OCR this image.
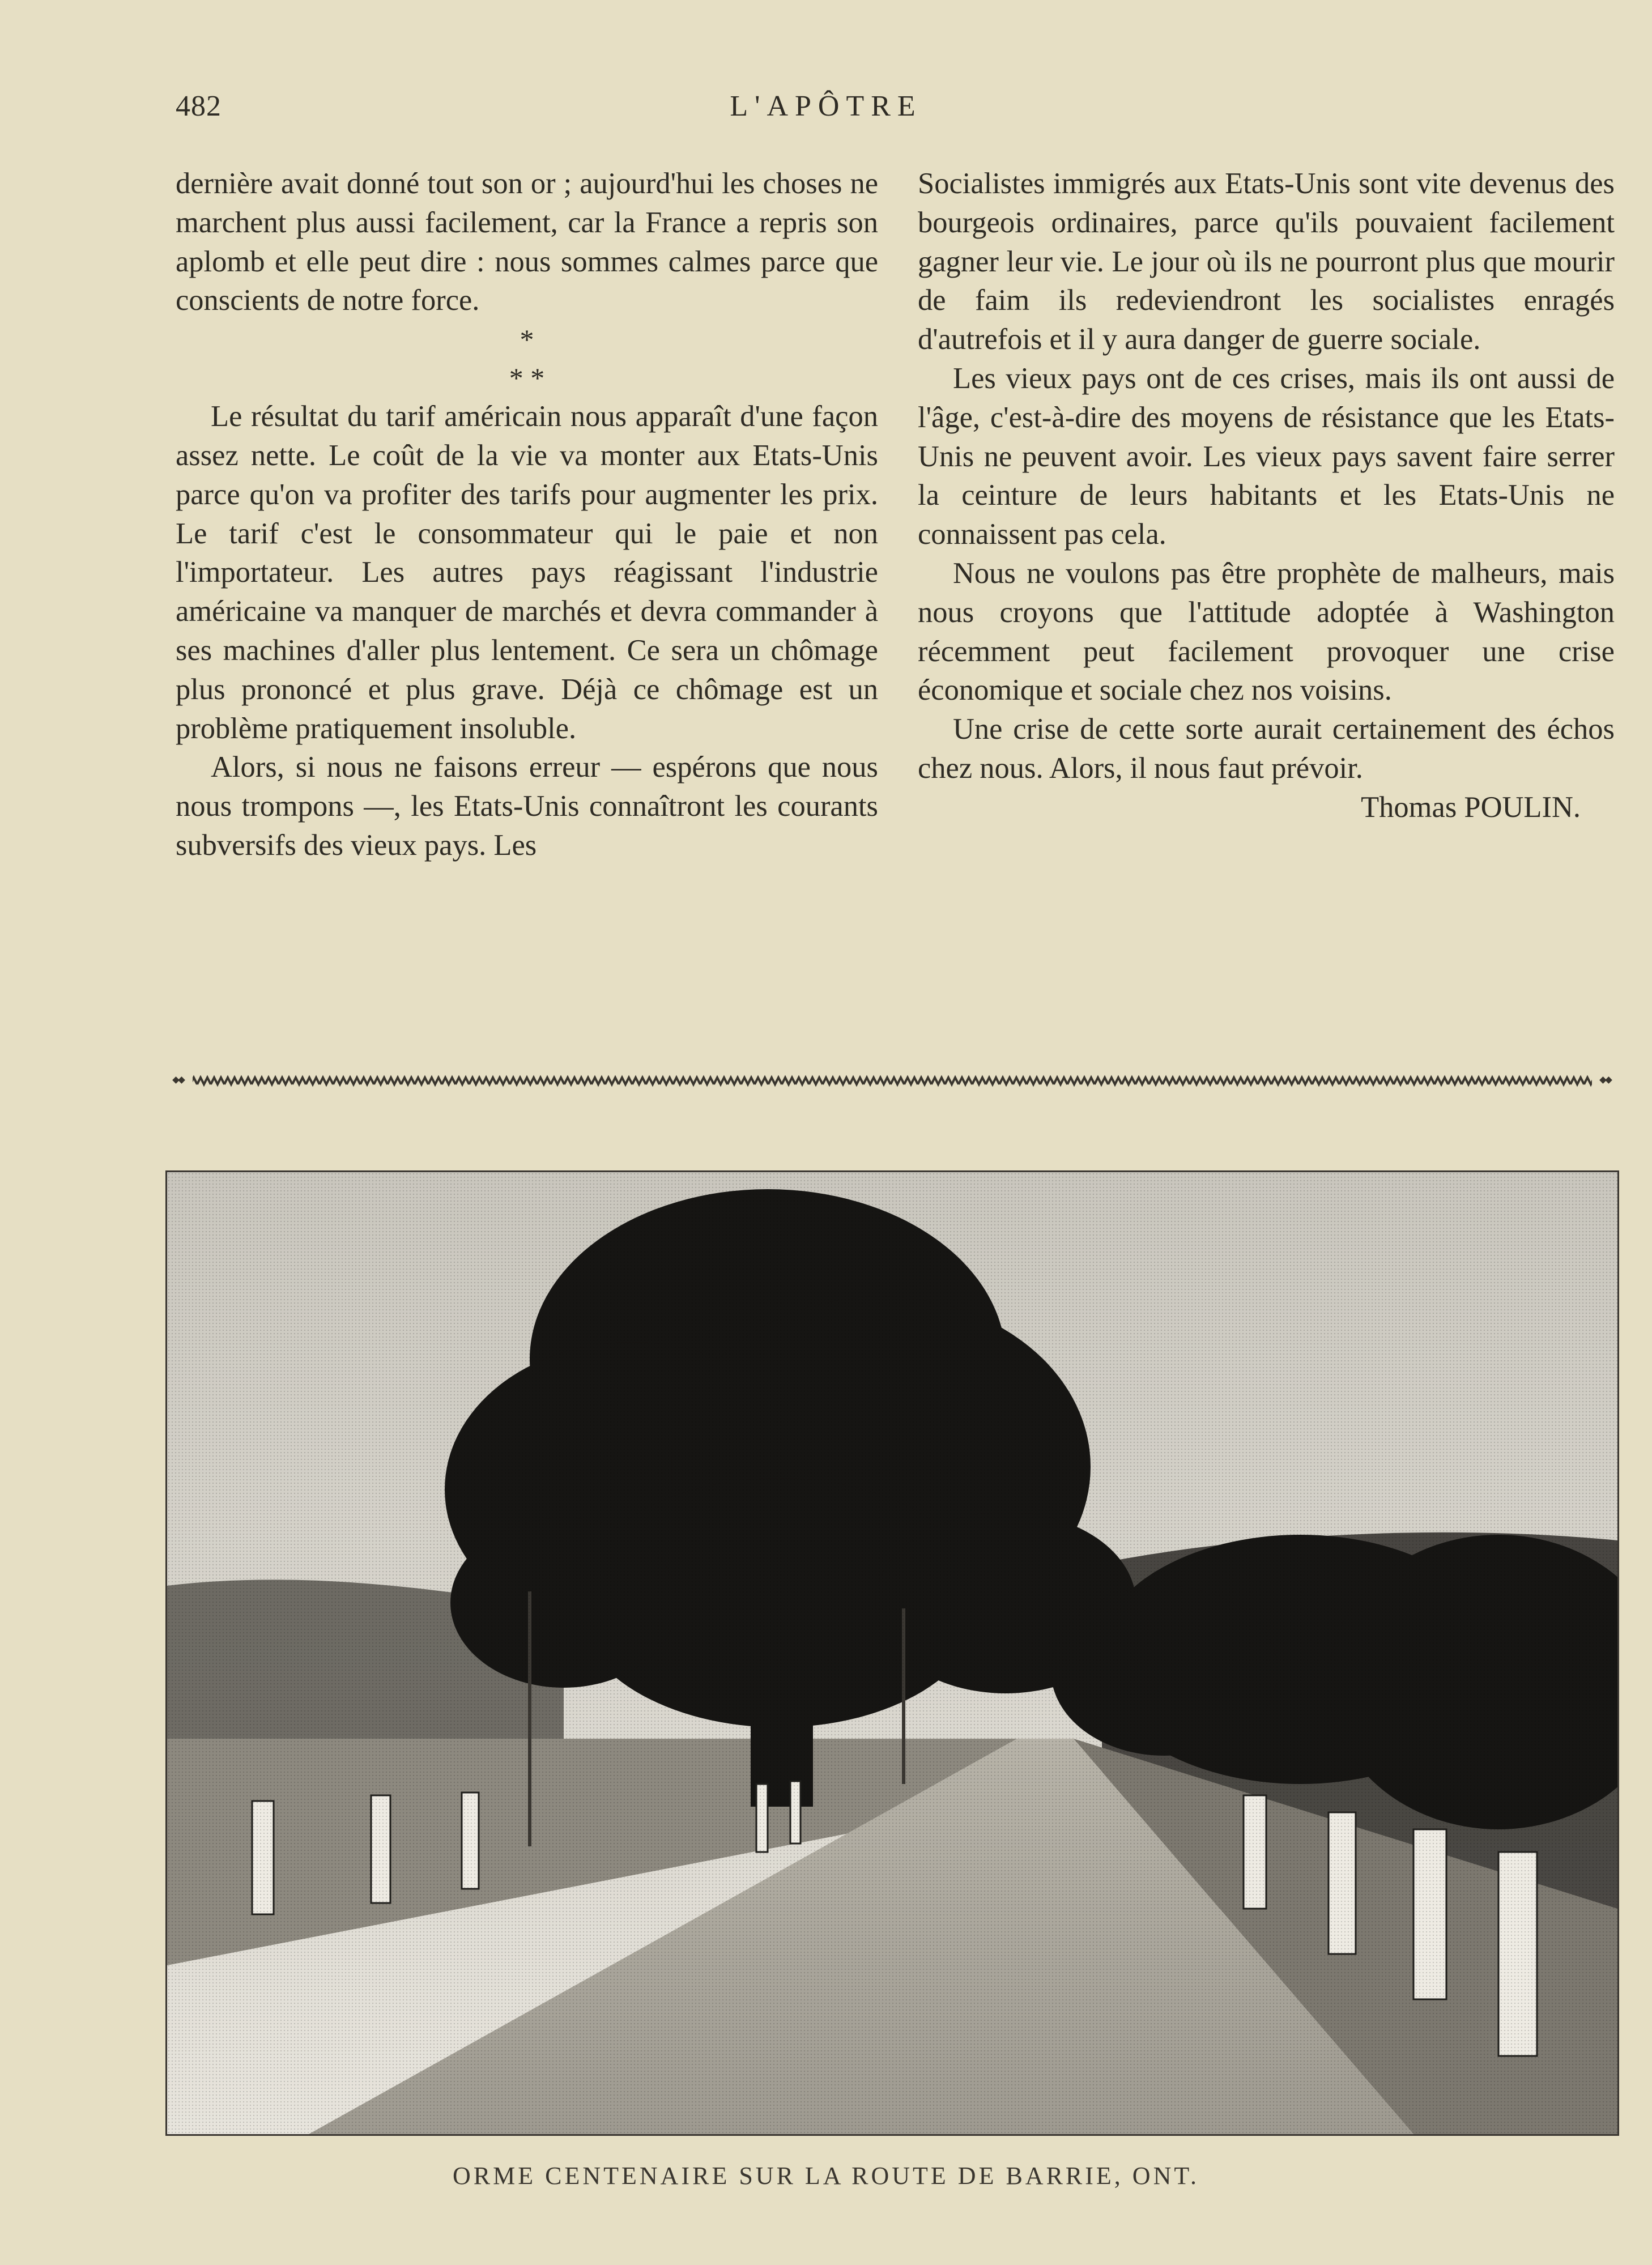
482	L'APÔTRE

dernière avait donné tout son or ; aujourd'hui les choses ne marchent plus aussi facilement, car la France a repris son aplomb et elle peut dire : nous sommes calmes parce que conscients de notre force.

*

* *

Le résultat du tarif américain nous apparaît d'une façon assez nette. Le coût de la vie va monter aux Etats-Unis parce qu'on va profiter des tarifs pour augmenter les prix. Le tarif c'est le consommateur qui le paie et non l'importateur. Les autres pays réagissant l'industrie américaine va manquer de marchés et devra commander à ses machines d'aller plus lentement. Ce sera un chômage plus prononcé et plus grave. Déjà ce chômage est un problème pratiquement insoluble.

Alors, si nous ne faisons erreur — espérons que nous nous trompons —, les Etats-Unis connaîtront les courants subversifs des vieux pays. Les

Socialistes immigrés aux Etats-Unis sont vite devenus des bourgeois ordinaires, parce qu'ils pouvaient facilement gagner leur vie. Le jour où ils ne pourront plus que mourir de faim ils redeviendront les socialistes enragés d'autrefois et il y aura danger de guerre sociale.

Les vieux pays ont de ces crises, mais ils ont aussi de l'âge, c'est-à-dire des moyens de résistance que les Etats-Unis ne peuvent avoir. Les vieux pays savent faire serrer la ceinture de leurs habitants et les Etats-Unis ne connaissent pas cela.

Nous ne voulons pas être prophète de malheurs, mais nous croyons que l'attitude adoptée à Washington récemment peut facilement provoquer une crise économique et sociale chez nos voisins.

Une crise de cette sorte aurait certainement des échos chez nous. Alors, il nous faut prévoir.

Thomas POULIN.

ORME CENTENAIRE SUR LA ROUTE DE BARRIE, ONT.
